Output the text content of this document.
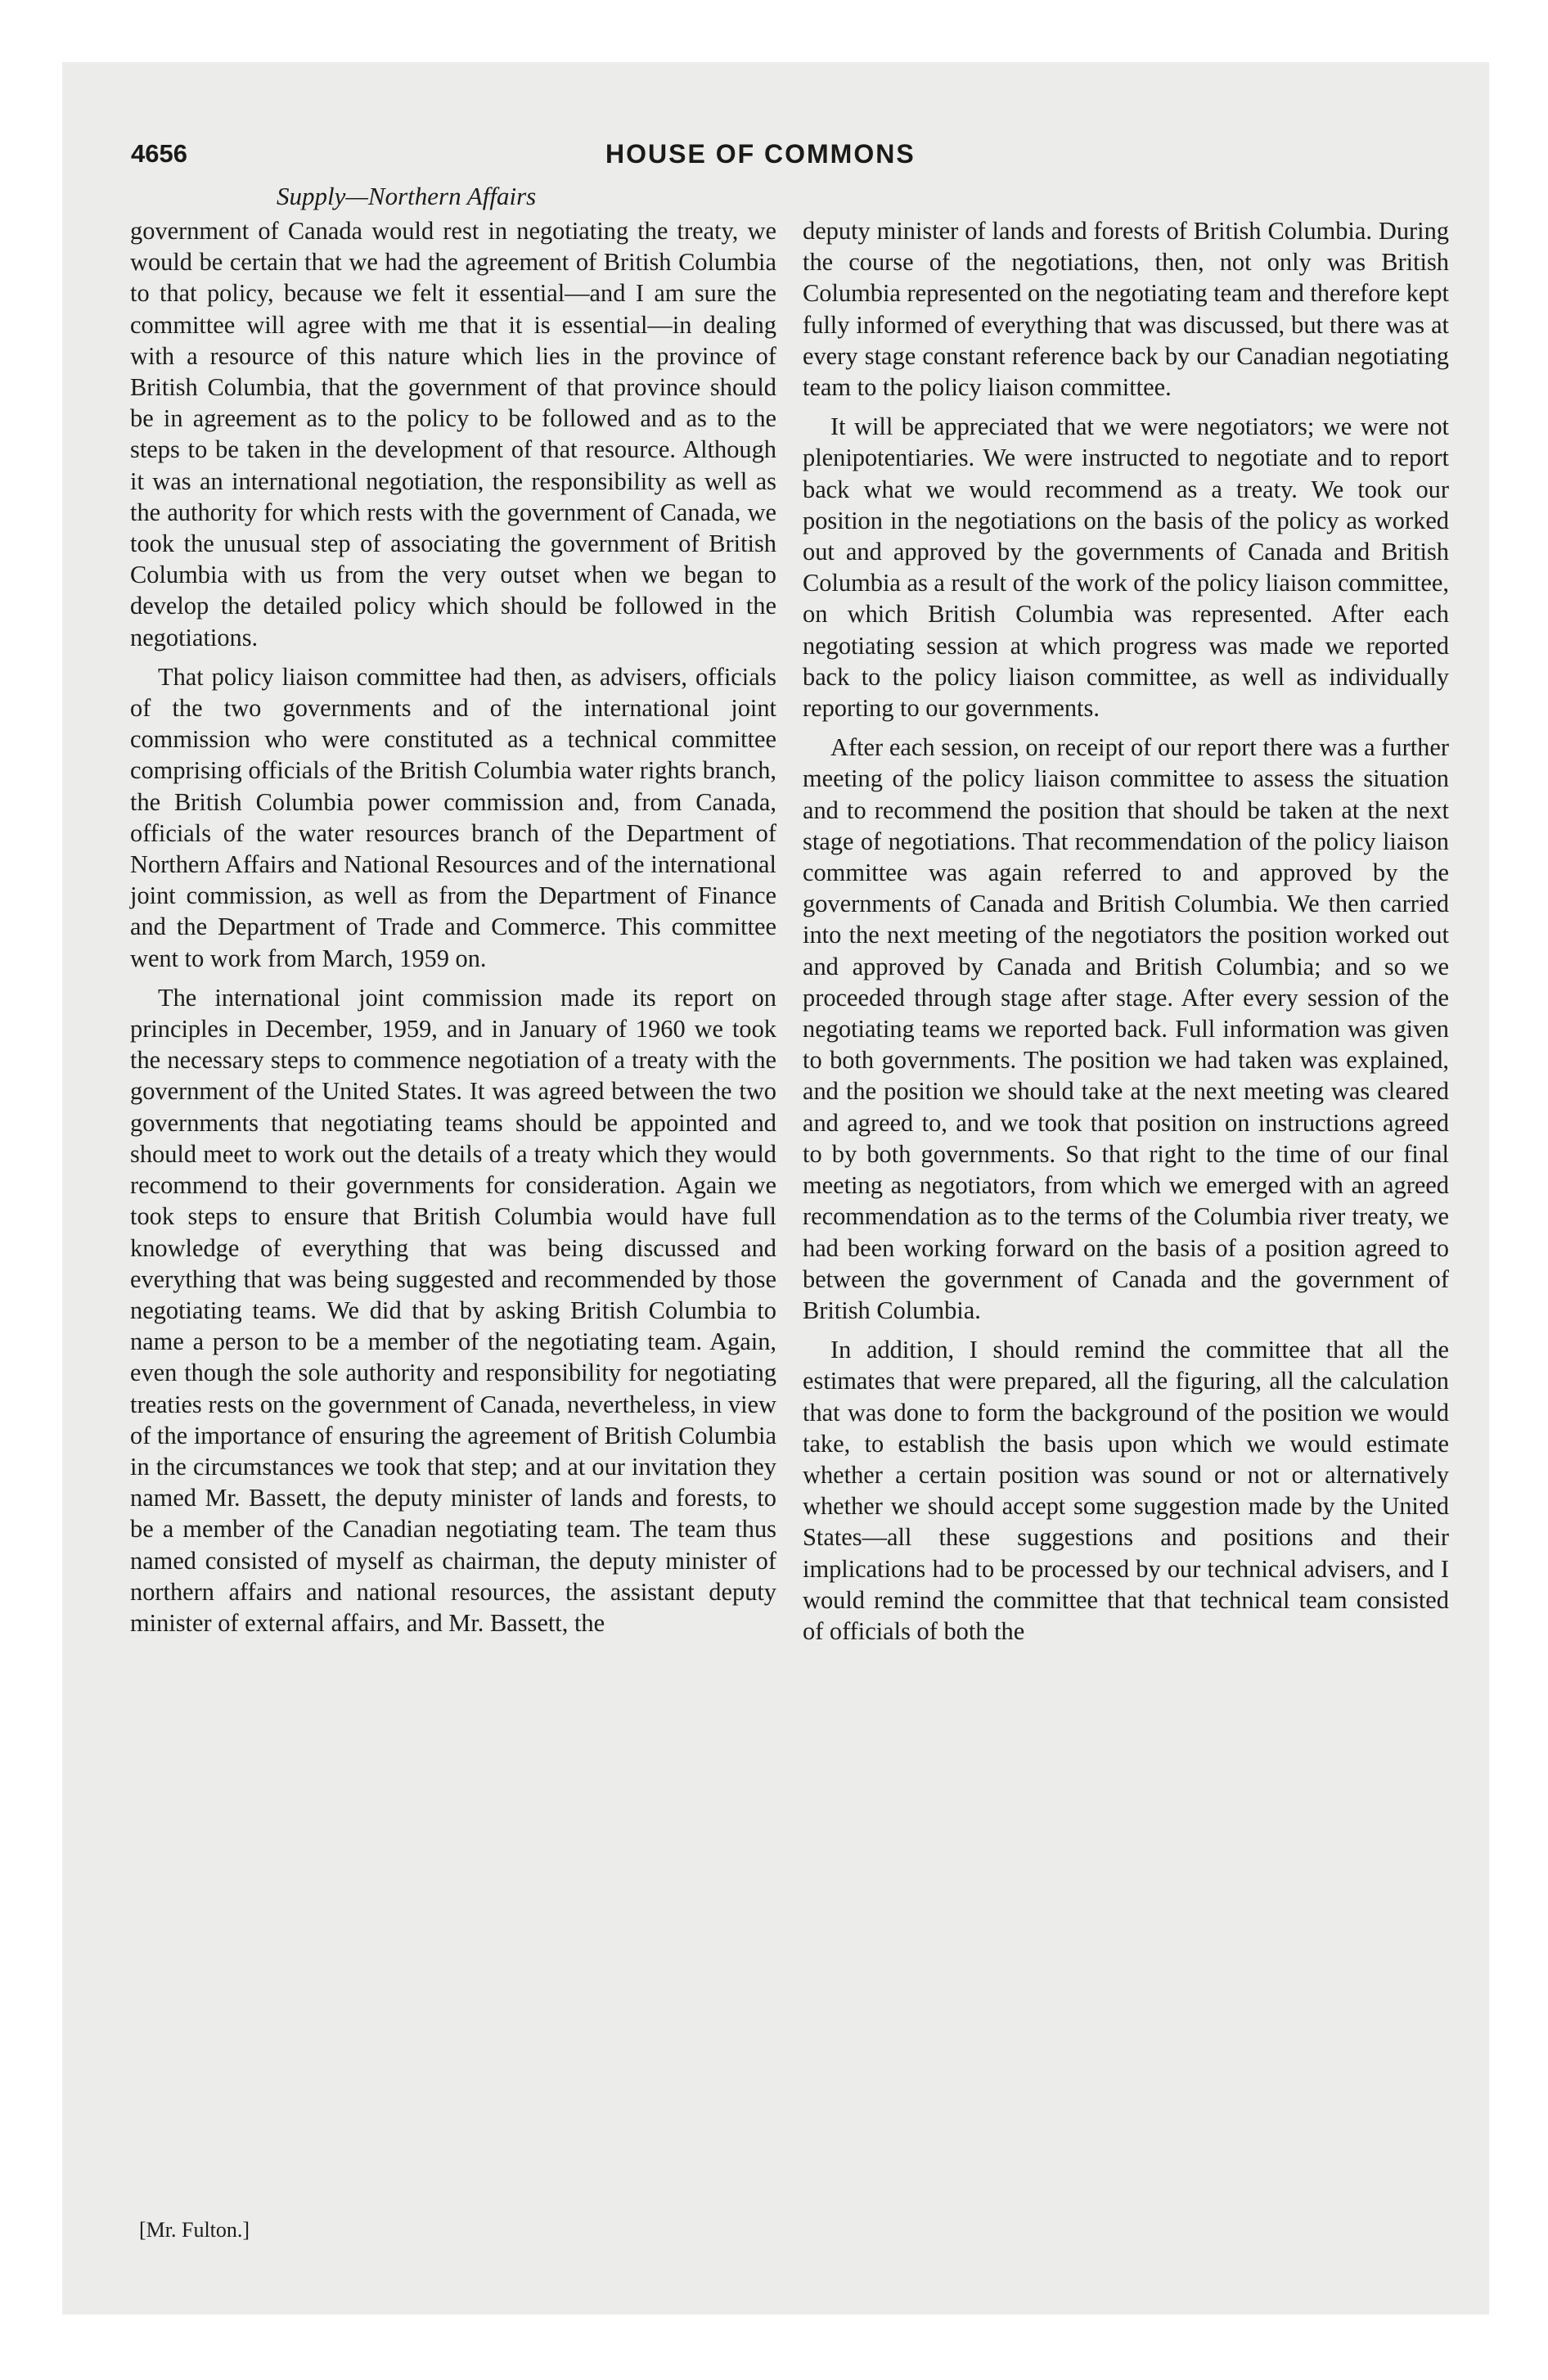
4656	HOUSE OF COMMONS
Supply—Northern Affairs

government of Canada would rest in negotiating the treaty, we would be certain that we had the agreement of British Columbia to that policy, because we felt it essential—and I am sure the committee will agree with me that it is essential—in dealing with a resource of this nature which lies in the province of British Columbia, that the government of that province should be in agreement as to the policy to be followed and as to the steps to be taken in the development of that resource. Although it was an international negotiation, the responsibility as well as the authority for which rests with the government of Canada, we took the unusual step of associating the government of British Columbia with us from the very outset when we began to develop the detailed policy which should be followed in the negotiations.

That policy liaison committee had then, as advisers, officials of the two governments and of the international joint commission who were constituted as a technical committee comprising officials of the British Columbia water rights branch, the British Columbia power commission and, from Canada, officials of the water resources branch of the Department of Northern Affairs and National Resources and of the international joint commission, as well as from the Department of Finance and the Department of Trade and Commerce. This committee went to work from March, 1959 on.

The international joint commission made its report on principles in December, 1959, and in January of 1960 we took the necessary steps to commence negotiation of a treaty with the government of the United States. It was agreed between the two governments that negotiating teams should be appointed and should meet to work out the details of a treaty which they would recommend to their governments for consideration. Again we took steps to ensure that British Columbia would have full knowledge of everything that was being discussed and everything that was being suggested and recommended by those negotiating teams. We did that by asking British Columbia to name a person to be a member of the negotiating team. Again, even though the sole authority and responsibility for negotiating treaties rests on the government of Canada, nevertheless, in view of the importance of ensuring the agreement of British Columbia in the circumstances we took that step; and at our invitation they named Mr. Bassett, the deputy minister of lands and forests, to be a member of the Canadian negotiating team. The team thus named consisted of myself as chairman, the deputy minister of northern affairs and national resources, the assistant deputy minister of external affairs, and Mr. Bassett, the

deputy minister of lands and forests of British Columbia. During the course of the negotiations, then, not only was British Columbia represented on the negotiating team and therefore kept fully informed of everything that was discussed, but there was at every stage constant reference back by our Canadian negotiating team to the policy liaison committee.

It will be appreciated that we were negotiators; we were not plenipotentiaries. We were instructed to negotiate and to report back what we would recommend as a treaty. We took our position in the negotiations on the basis of the policy as worked out and approved by the governments of Canada and British Columbia as a result of the work of the policy liaison committee, on which British Columbia was represented. After each negotiating session at which progress was made we reported back to the policy liaison committee, as well as individually reporting to our governments.

After each session, on receipt of our report there was a further meeting of the policy liaison committee to assess the situation and to recommend the position that should be taken at the next stage of negotiations. That recommendation of the policy liaison committee was again referred to and approved by the governments of Canada and British Columbia. We then carried into the next meeting of the negotiators the position worked out and approved by Canada and British Columbia; and so we proceeded through stage after stage. After every session of the negotiating teams we reported back. Full information was given to both governments. The position we had taken was explained, and the position we should take at the next meeting was cleared and agreed to, and we took that position on instructions agreed to by both governments. So that right to the time of our final meeting as negotiators, from which we emerged with an agreed recommendation as to the terms of the Columbia river treaty, we had been working forward on the basis of a position agreed to between the government of Canada and the government of British Columbia.

In addition, I should remind the committee that all the estimates that were prepared, all the figuring, all the calculation that was done to form the background of the position we would take, to establish the basis upon which we would estimate whether a certain position was sound or not or alternatively whether we should accept some suggestion made by the United States—all these suggestions and positions and their implications had to be processed by our technical advisers, and I would remind the committee that that technical team consisted of officials of both the

[Mr. Fulton.]
